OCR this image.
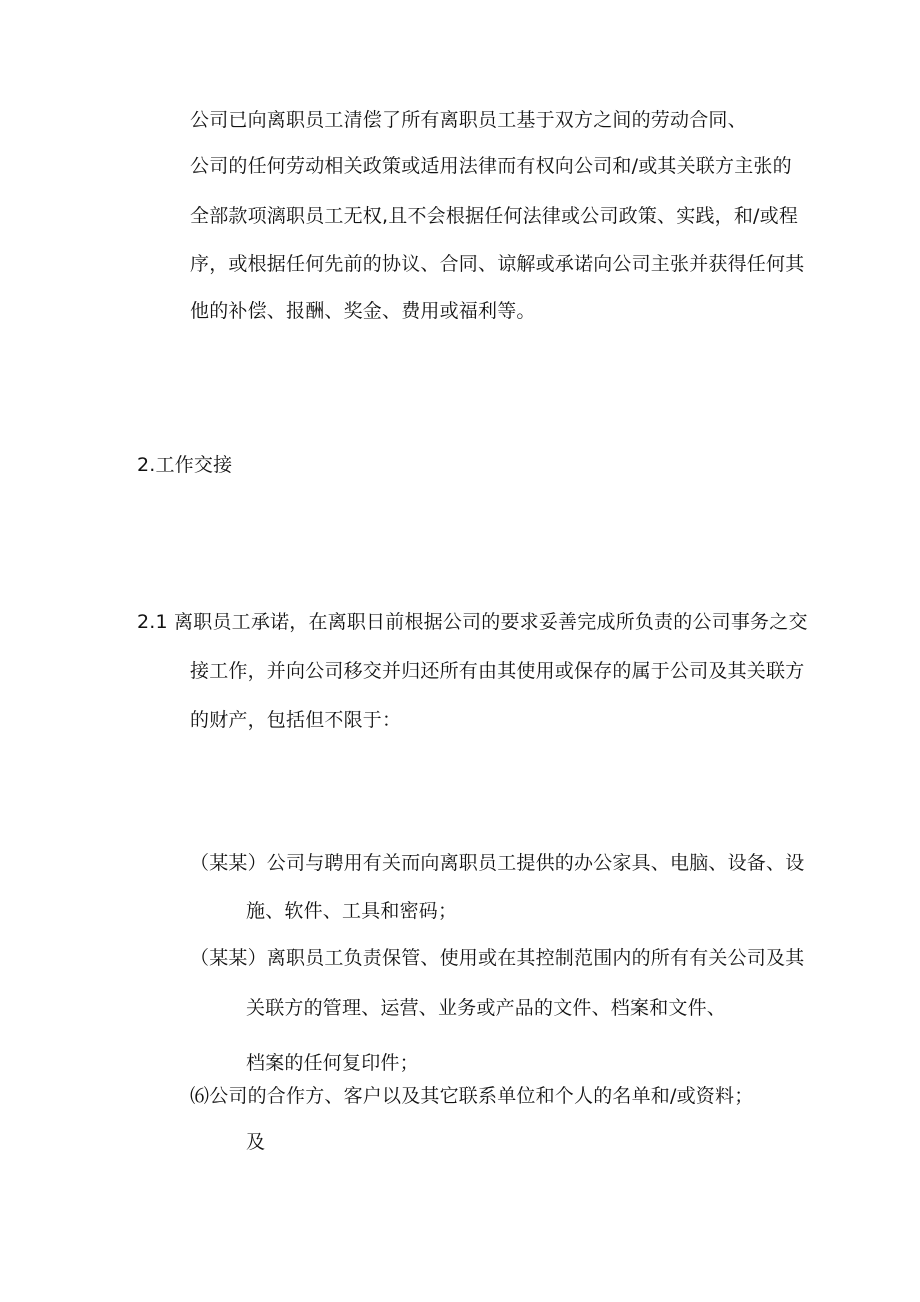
公司已向离职员工清偿了所有离职员工基于双方之间的劳动合同、
公司的任何劳动相关政策或适用法律而有权向公司和/或其关联方主张的
全部款项漓职员工无权,且不会根据任何法律或公司政策、实践，和/或程
序，或根据任何先前的协议、合同、谅解或承诺向公司主张并获得任何其
他的补偿、报酬、奖金、费用或福利等。
2.工作交接
2.1 离职员工承诺，在离职日前根据公司的要求妥善完成所负责的公司事务之交
接工作，并向公司移交并归还所有由其使用或保存的属于公司及其关联方
的财产，包括但不限于：
（某某）公司与聘用有关而向离职员工提供的办公家具、电脑、设备、设
施、软件、工具和密码；
（某某）离职员工负责保管、使用或在其控制范围内的所有有关公司及其
关联方的管理、运营、业务或产品的文件、档案和文件、
档案的任何复印件；
⑹公司的合作方、客户以及其它联系单位和个人的名单和/或资料；
及
